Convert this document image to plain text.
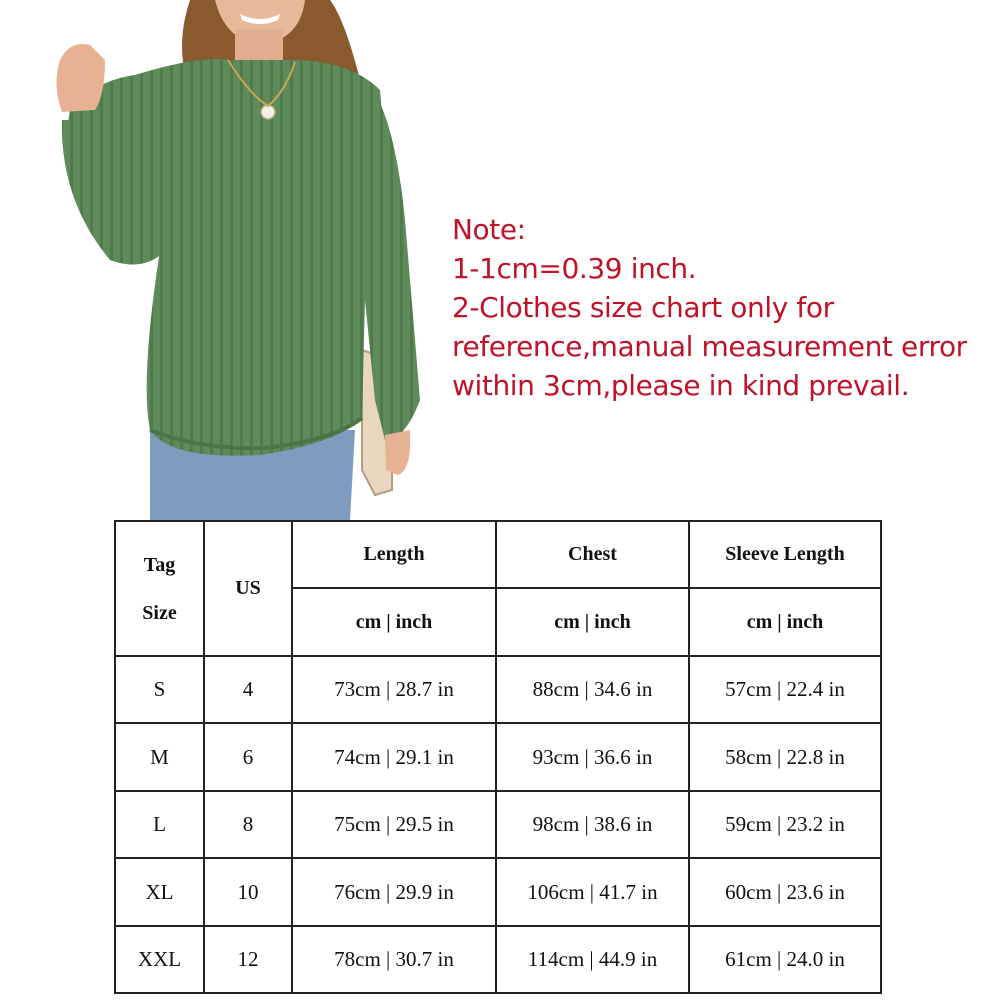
Note:
1-1cm=0.39 inch.
2-Clothes size chart only for
reference,manual measurement error
within 3cm,please in kind prevail.
Tag
Size	US	Length	Chest	Sleeve Length
		cm | inch	cm | inch	cm | inch
S	4	73cm | 28.7 in	88cm | 34.6 in	57cm | 22.4 in
M	6	74cm | 29.1 in	93cm | 36.6 in	58cm | 22.8 in
L	8	75cm | 29.5 in	98cm | 38.6 in	59cm | 23.2 in
XL	10	76cm | 29.9 in	106cm | 41.7 in	60cm | 23.6 in
XXL	12	78cm | 30.7 in	114cm | 44.9 in	61cm | 24.0 in
